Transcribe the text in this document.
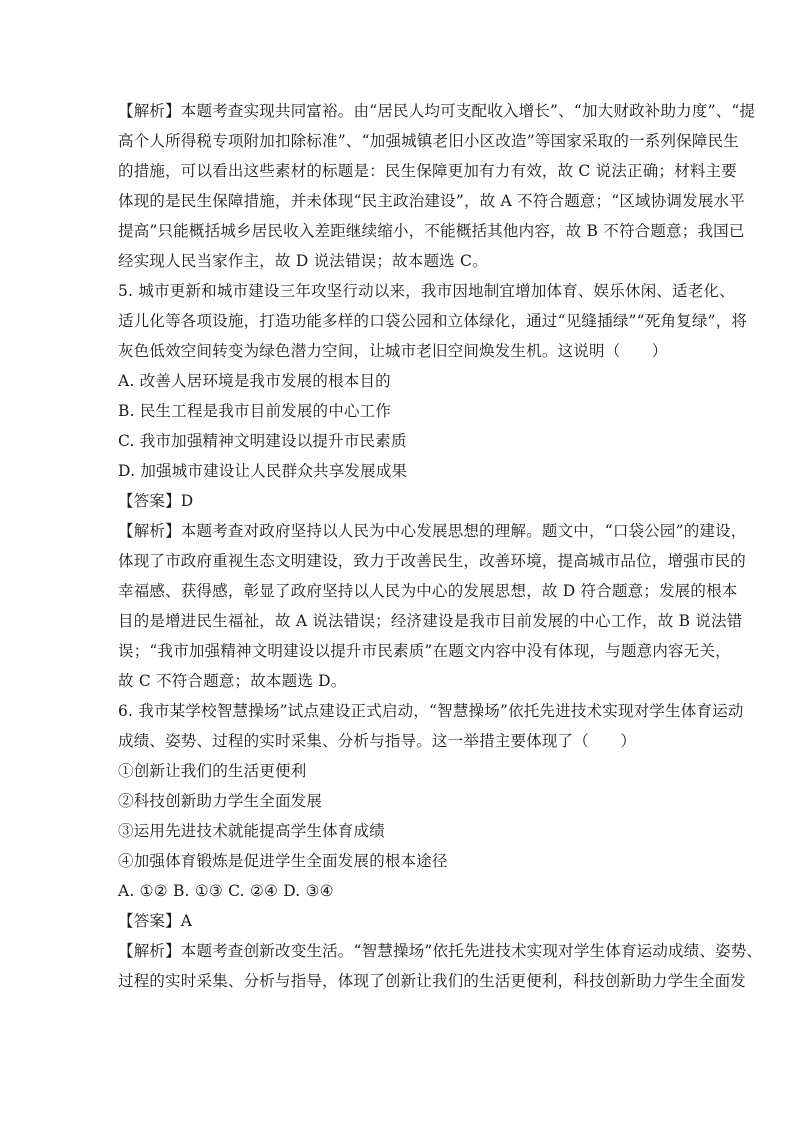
【解析】本题考查实现共同富裕。由“居民人均可支配收入增长”、“加大财政补助力度”、“提
高个人所得税专项附加扣除标准”、“加强城镇老旧小区改造”等国家采取的一系列保障民生
的措施，可以看出这些素材的标题是：民生保障更加有力有效，故 C 说法正确；材料主要
体现的是民生保障措施，并未体现“民主政治建设”，故 A 不符合题意；“区域协调发展水平
提高”只能概括城乡居民收入差距继续缩小，不能概括其他内容，故 B 不符合题意；我国已
经实现人民当家作主，故 D 说法错误；故本题选 C。
5. 城市更新和城市建设三年攻坚行动以来，我市因地制宜增加体育、娱乐休闲、适老化、
适儿化等各项设施，打造功能多样的口袋公园和立体绿化，通过“见缝插绿”“死角复绿”，将
灰色低效空间转变为绿色潜力空间，让城市老旧空间焕发生机。这说明（　　）
A. 改善人居环境是我市发展的根本目的
B. 民生工程是我市目前发展的中心工作
C. 我市加强精神文明建设以提升市民素质
D. 加强城市建设让人民群众共享发展成果
【答案】D
【解析】本题考查对政府坚持以人民为中心发展思想的理解。题文中，“口袋公园”的建设，
体现了市政府重视生态文明建设，致力于改善民生，改善环境，提高城市品位，增强市民的
幸福感、获得感，彰显了政府坚持以人民为中心的发展思想，故 D 符合题意；发展的根本
目的是增进民生福祉，故 A 说法错误；经济建设是我市目前发展的中心工作，故 B 说法错
误；“我市加强精神文明建设以提升市民素质”在题文内容中没有体现，与题意内容无关，
故 C 不符合题意；故本题选 D。
6. 我市某学校智慧操场”试点建设正式启动，“智慧操场”依托先进技术实现对学生体育运动
成绩、姿势、过程的实时采集、分析与指导。这一举措主要体现了（　　）
①创新让我们的生活更便利
②科技创新助力学生全面发展
③运用先进技术就能提高学生体育成绩
④加强体育锻炼是促进学生全面发展的根本途径
A. ①② B. ①③ C. ②④ D. ③④
【答案】A
【解析】本题考查创新改变生活。“智慧操场”依托先进技术实现对学生体育运动成绩、姿势、
过程的实时采集、分析与指导，体现了创新让我们的生活更便利，科技创新助力学生全面发
